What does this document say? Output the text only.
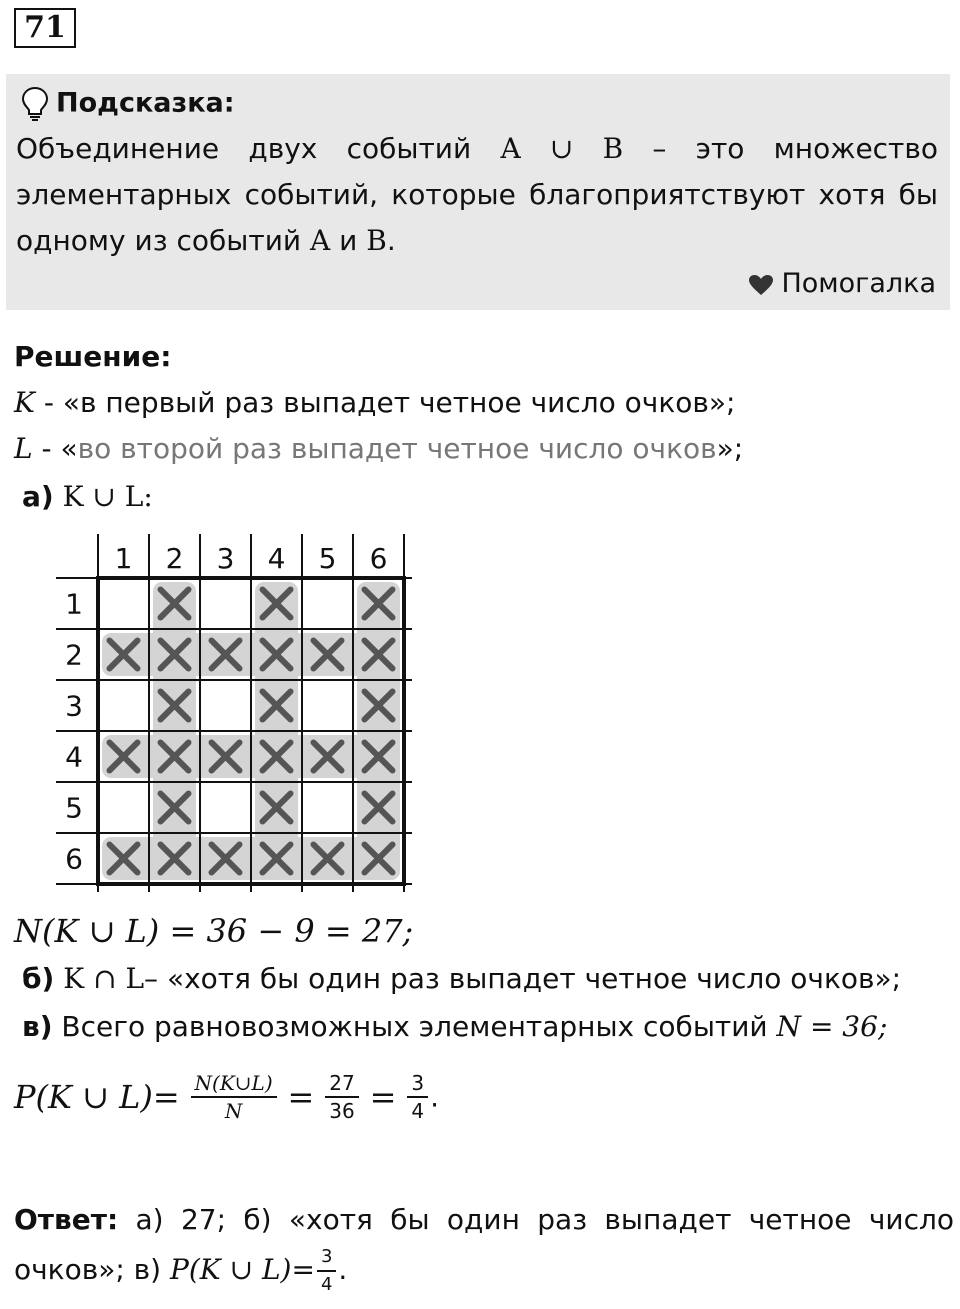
71
Подсказка:
Объединение двух событий A ∪ B – это множество элементарных событий, которые благоприятствуют хотя бы одному из событий A и B.
Помогалка
Решение:
K - «в первый раз выпадет четное число очков»;
L - «во второй раз выпадет четное число очков»;
а) K ∪ L:
1 2 3 4 5 6
1
2
3
4
5
6
N(K ∪ L) = 36 − 9 = 27;
б) K ∩ L– «хотя бы один раз выпадет четное число очков»;
в) Всего равновозможных элементарных событий N = 36;
P(K ∪ $L)= \frac{N(K\cup L)}{N} = \frac{27}{36} = \frac{3}{4}$ .
Ответ: а) 27; б) «хотя бы один раз выпадет четное число очков»; в) P(K ∪ $L)= \frac{3}{4}$ .
